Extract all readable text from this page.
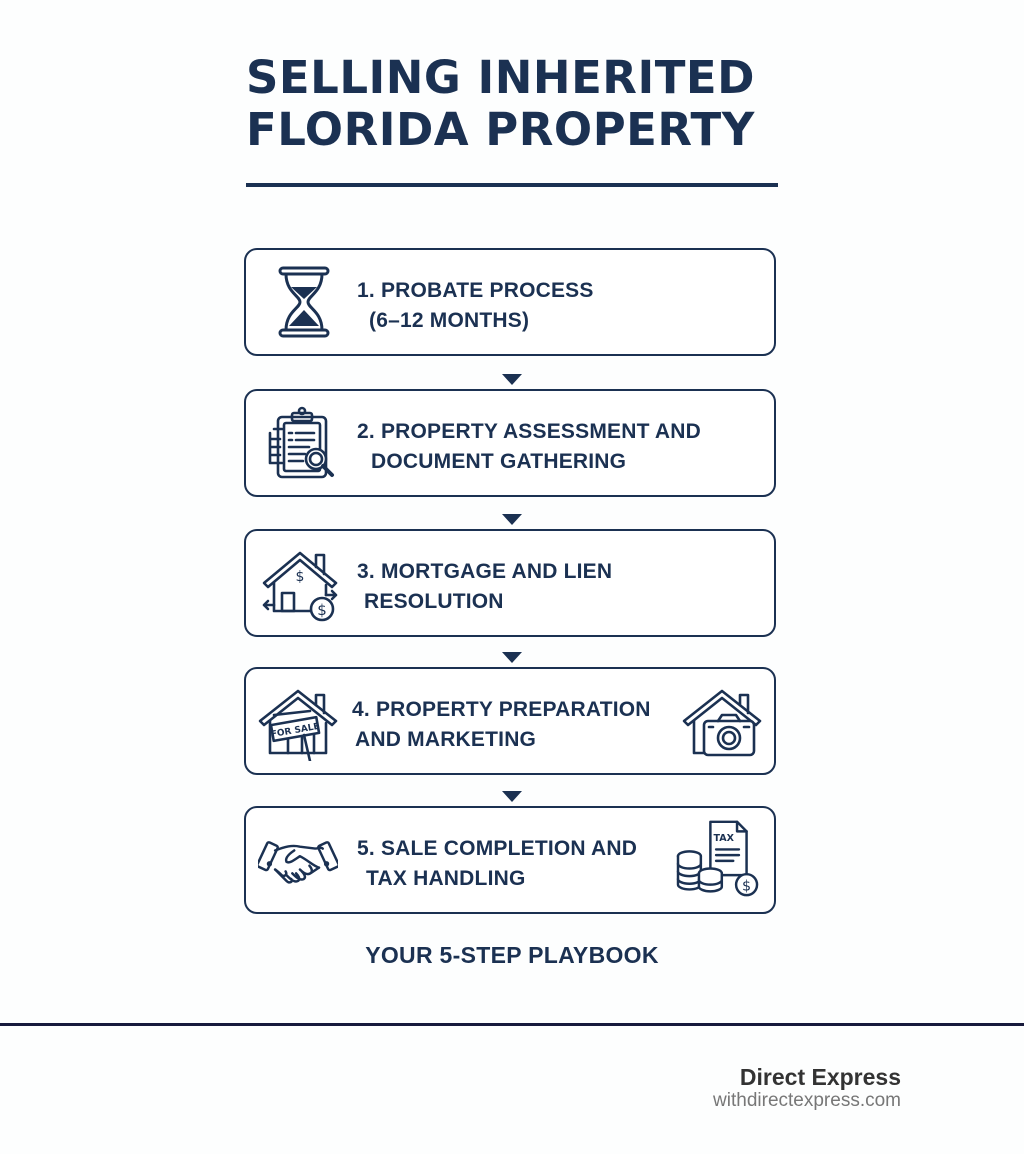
SELLING INHERITED
FLORIDA PROPERTY
1. PROBATE PROCESS
(6–12 MONTHS)
2. PROPERTY ASSESSMENT AND
DOCUMENT GATHERING
$
$
3. MORTGAGE AND LIEN
RESOLUTION
FOR SALE
4. PROPERTY PREPARATION
AND MARKETING
5. SALE COMPLETION AND
TAX HANDLING
TAX
$
YOUR 5-STEP PLAYBOOK
Direct Express
withdirectexpress.com
